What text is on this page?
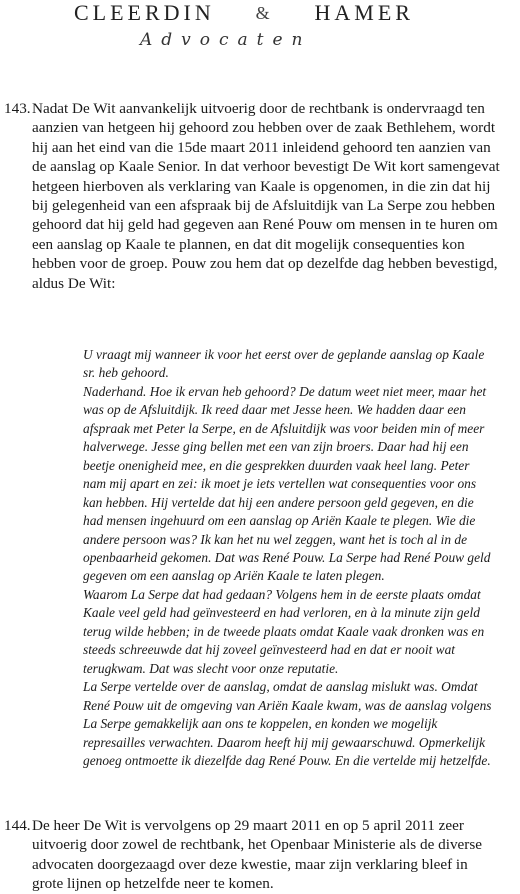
CLEERDIN & HAMER
Advocaten
143. Nadat De Wit aanvankelijk uitvoerig door de rechtbank is ondervraagd ten aanzien van hetgeen hij gehoord zou hebben over de zaak Bethlehem, wordt hij aan het eind van die 15de maart 2011 inleidend gehoord ten aanzien van de aanslag op Kaale Senior. In dat verhoor bevestigt De Wit kort samengevat hetgeen hierboven als verklaring van Kaale is opgenomen, in die zin dat hij bij gelegenheid van een afspraak bij de Afsluitdijk van La Serpe zou hebben gehoord dat hij geld had gegeven aan René Pouw om mensen in te huren om een aanslag op Kaale te plannen, en dat dit mogelijk consequenties kon hebben voor de groep. Pouw zou hem dat op dezelfde dag hebben bevestigd, aldus De Wit:

U vraagt mij wanneer ik voor het eerst over de geplande aanslag op Kaale sr. heb gehoord.

Naderhand. Hoe ik ervan heb gehoord? De datum weet niet meer, maar het was op de Afsluitdijk. Ik reed daar met Jesse heen. We hadden daar een afspraak met Peter la Serpe, en de Afsluitdijk was voor beiden min of meer halverwege. Jesse ging bellen met een van zijn broers. Daar had hij een beetje onenigheid mee, en die gesprekken duurden vaak heel lang. Peter nam mij apart en zei: ik moet je iets vertellen wat consequenties voor ons kan hebben. Hij vertelde dat hij een andere persoon geld gegeven, en die had mensen ingehuurd om een aanslag op Ariën Kaale te plegen. Wie die andere persoon was? Ik kan het nu wel zeggen, want het is toch al in de openbaarheid gekomen. Dat was René Pouw. La Serpe had René Pouw geld gegeven om een aanslag op Ariën Kaale te laten plegen.

Waarom La Serpe dat had gedaan? Volgens hem in de eerste plaats omdat Kaale veel geld had geïnvesteerd en had verloren, en à la minute zijn geld terug wilde hebben; in de tweede plaats omdat Kaale vaak dronken was en steeds schreeuwde dat hij zoveel geïnvesteerd had en dat er nooit wat terugkwam. Dat was slecht voor onze reputatie.

La Serpe vertelde over de aanslag, omdat de aanslag mislukt was. Omdat René Pouw uit de omgeving van Ariën Kaale kwam, was de aanslag volgens La Serpe gemakkelijk aan ons te koppelen, en konden we mogelijk represailles verwachten. Daarom heeft hij mij gewaarschuwd. Opmerkelijk genoeg ontmoette ik diezelfde dag René Pouw. En die vertelde mij hetzelfde.

144. De heer De Wit is vervolgens op 29 maart 2011 en op 5 april 2011 zeer uitvoerig door zowel de rechtbank, het Openbaar Ministerie als de diverse advocaten doorgezaagd over deze kwestie, maar zijn verklaring bleef in grote lijnen op hetzelfde neer te komen.
